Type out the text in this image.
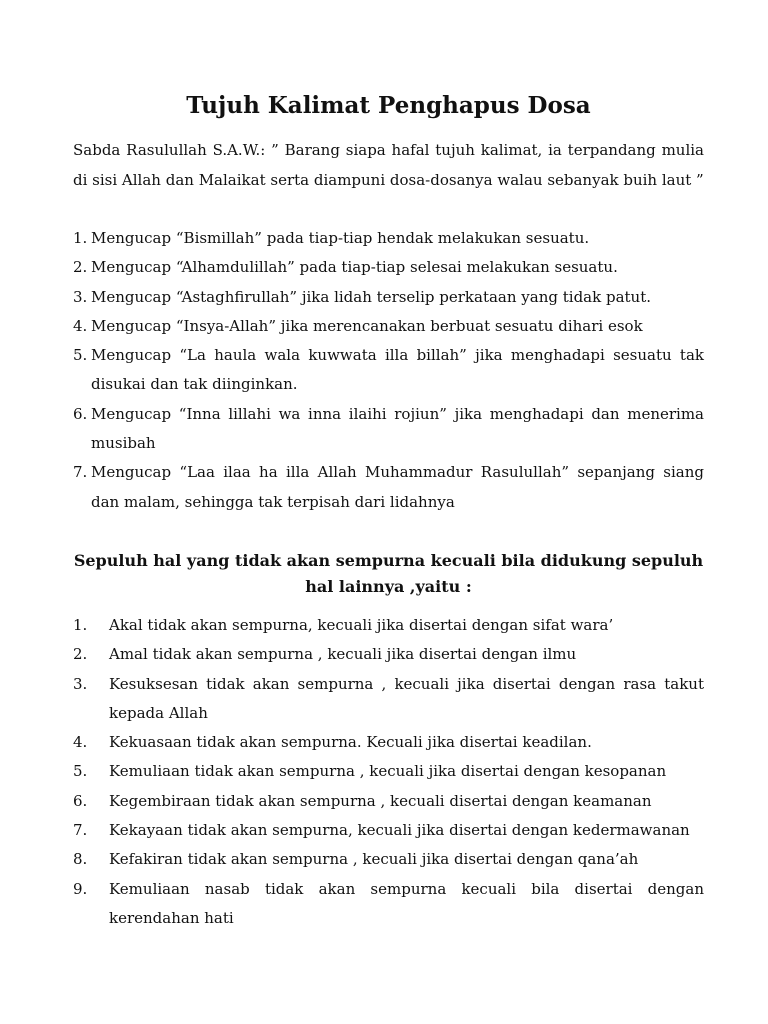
Tujuh Kalimat Penghapus Dosa
Sabda Rasulullah S.A.W.: ” Barang siapa hafal tujuh kalimat, ia terpandang mulia di sisi Allah dan Malaikat serta diampuni dosa-dosanya walau sebanyak buih laut ”
1. Mengucap “Bismillah” pada tiap-tiap hendak melakukan sesuatu.
2. Mengucap “Alhamdulillah” pada tiap-tiap selesai melakukan sesuatu.
3. Mengucap “Astaghfirullah” jika lidah terselip perkataan yang tidak patut.
4. Mengucap “Insya-Allah” jika merencanakan berbuat sesuatu dihari esok
5. Mengucap “La haula wala kuwwata illa billah” jika menghadapi sesuatu tak disukai dan tak diinginkan.
6. Mengucap “Inna lillahi wa inna ilaihi rojiun” jika menghadapi dan menerima musibah
7. Mengucap “Laa ilaa ha illa Allah Muhammadur Rasulullah” sepanjang siang dan malam, sehingga tak terpisah dari lidahnya
Sepuluh hal yang tidak akan sempurna kecuali bila didukung sepuluh hal lainnya ,yaitu :
1. Akal tidak akan sempurna, kecuali jika disertai dengan sifat wara’
2. Amal tidak akan sempurna , kecuali jika disertai dengan ilmu
3. Kesuksesan tidak akan sempurna , kecuali jika disertai dengan rasa takut kepada Allah
4. Kekuasaan tidak akan sempurna. Kecuali jika disertai keadilan.
5. Kemuliaan tidak akan sempurna , kecuali jika disertai dengan kesopanan
6. Kegembiraan tidak akan sempurna , kecuali disertai dengan keamanan
7. Kekayaan tidak akan sempurna, kecuali jika disertai dengan kedermawanan
8. Kefakiran tidak akan sempurna , kecuali jika disertai dengan qana’ah
9. Kemuliaan nasab tidak akan sempurna kecuali bila disertai dengan kerendahan hati
